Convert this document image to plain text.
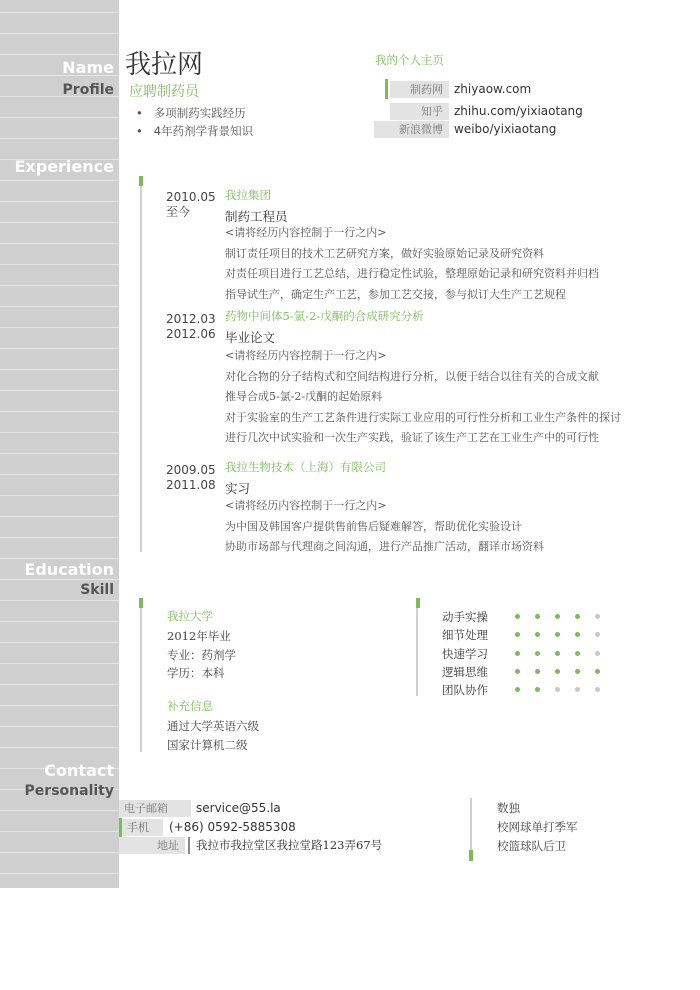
Name
Profile
Experience
Education
Skill
Contact
Personality
我拉网
应聘制药员
•   多项制药实践经历
•   4年药剂学背景知识
我的个人主页
制药网 zhiyaow.com
知乎 zhihu.com/yixiaotang
新浪微博 weibo/yixiaotang
2010.05
至今
我拉集团
制药工程员
<请将经历内容控制于一行之内>
制订责任项目的技术工艺研究方案，做好实验原始记录及研究资料
对责任项目进行工艺总结，进行稳定性试验，整理原始记录和研究资料并归档
指导试生产，确定生产工艺，参加工艺交接，参与拟订大生产工艺规程
2012.03
2012.06
药物中间体5-氯-2-戊酮的合成研究分析
毕业论文
<请将经历内容控制于一行之内>
对化合物的分子结构式和空间结构进行分析，以便于结合以往有关的合成文献
推导合成5-氯-2-戊酮的起始原料
对于实验室的生产工艺条件进行实际工业应用的可行性分析和工业生产条件的探讨
进行几次中试实验和一次生产实践，验证了该生产工艺在工业生产中的可行性
2009.05
2011.08
我拉生物技术（上海）有限公司
实习
<请将经历内容控制于一行之内>
为中国及韩国客户提供售前售后疑难解答，帮助优化实验设计
协助市场部与代理商之间沟通，进行产品推广活动，翻译市场资料
我拉大学
2012年毕业
专业：药剂学
学历：本科
补充信息
通过大学英语六级
国家计算机二级
动手实操
细节处理
快速学习
逻辑思维
团队协作
电子邮箱	service@55.la
手机	(+86) 0592-5885308
地址	我拉市我拉堂区我拉堂路123弄67号
数独
校网球单打季军
校篮球队后卫
